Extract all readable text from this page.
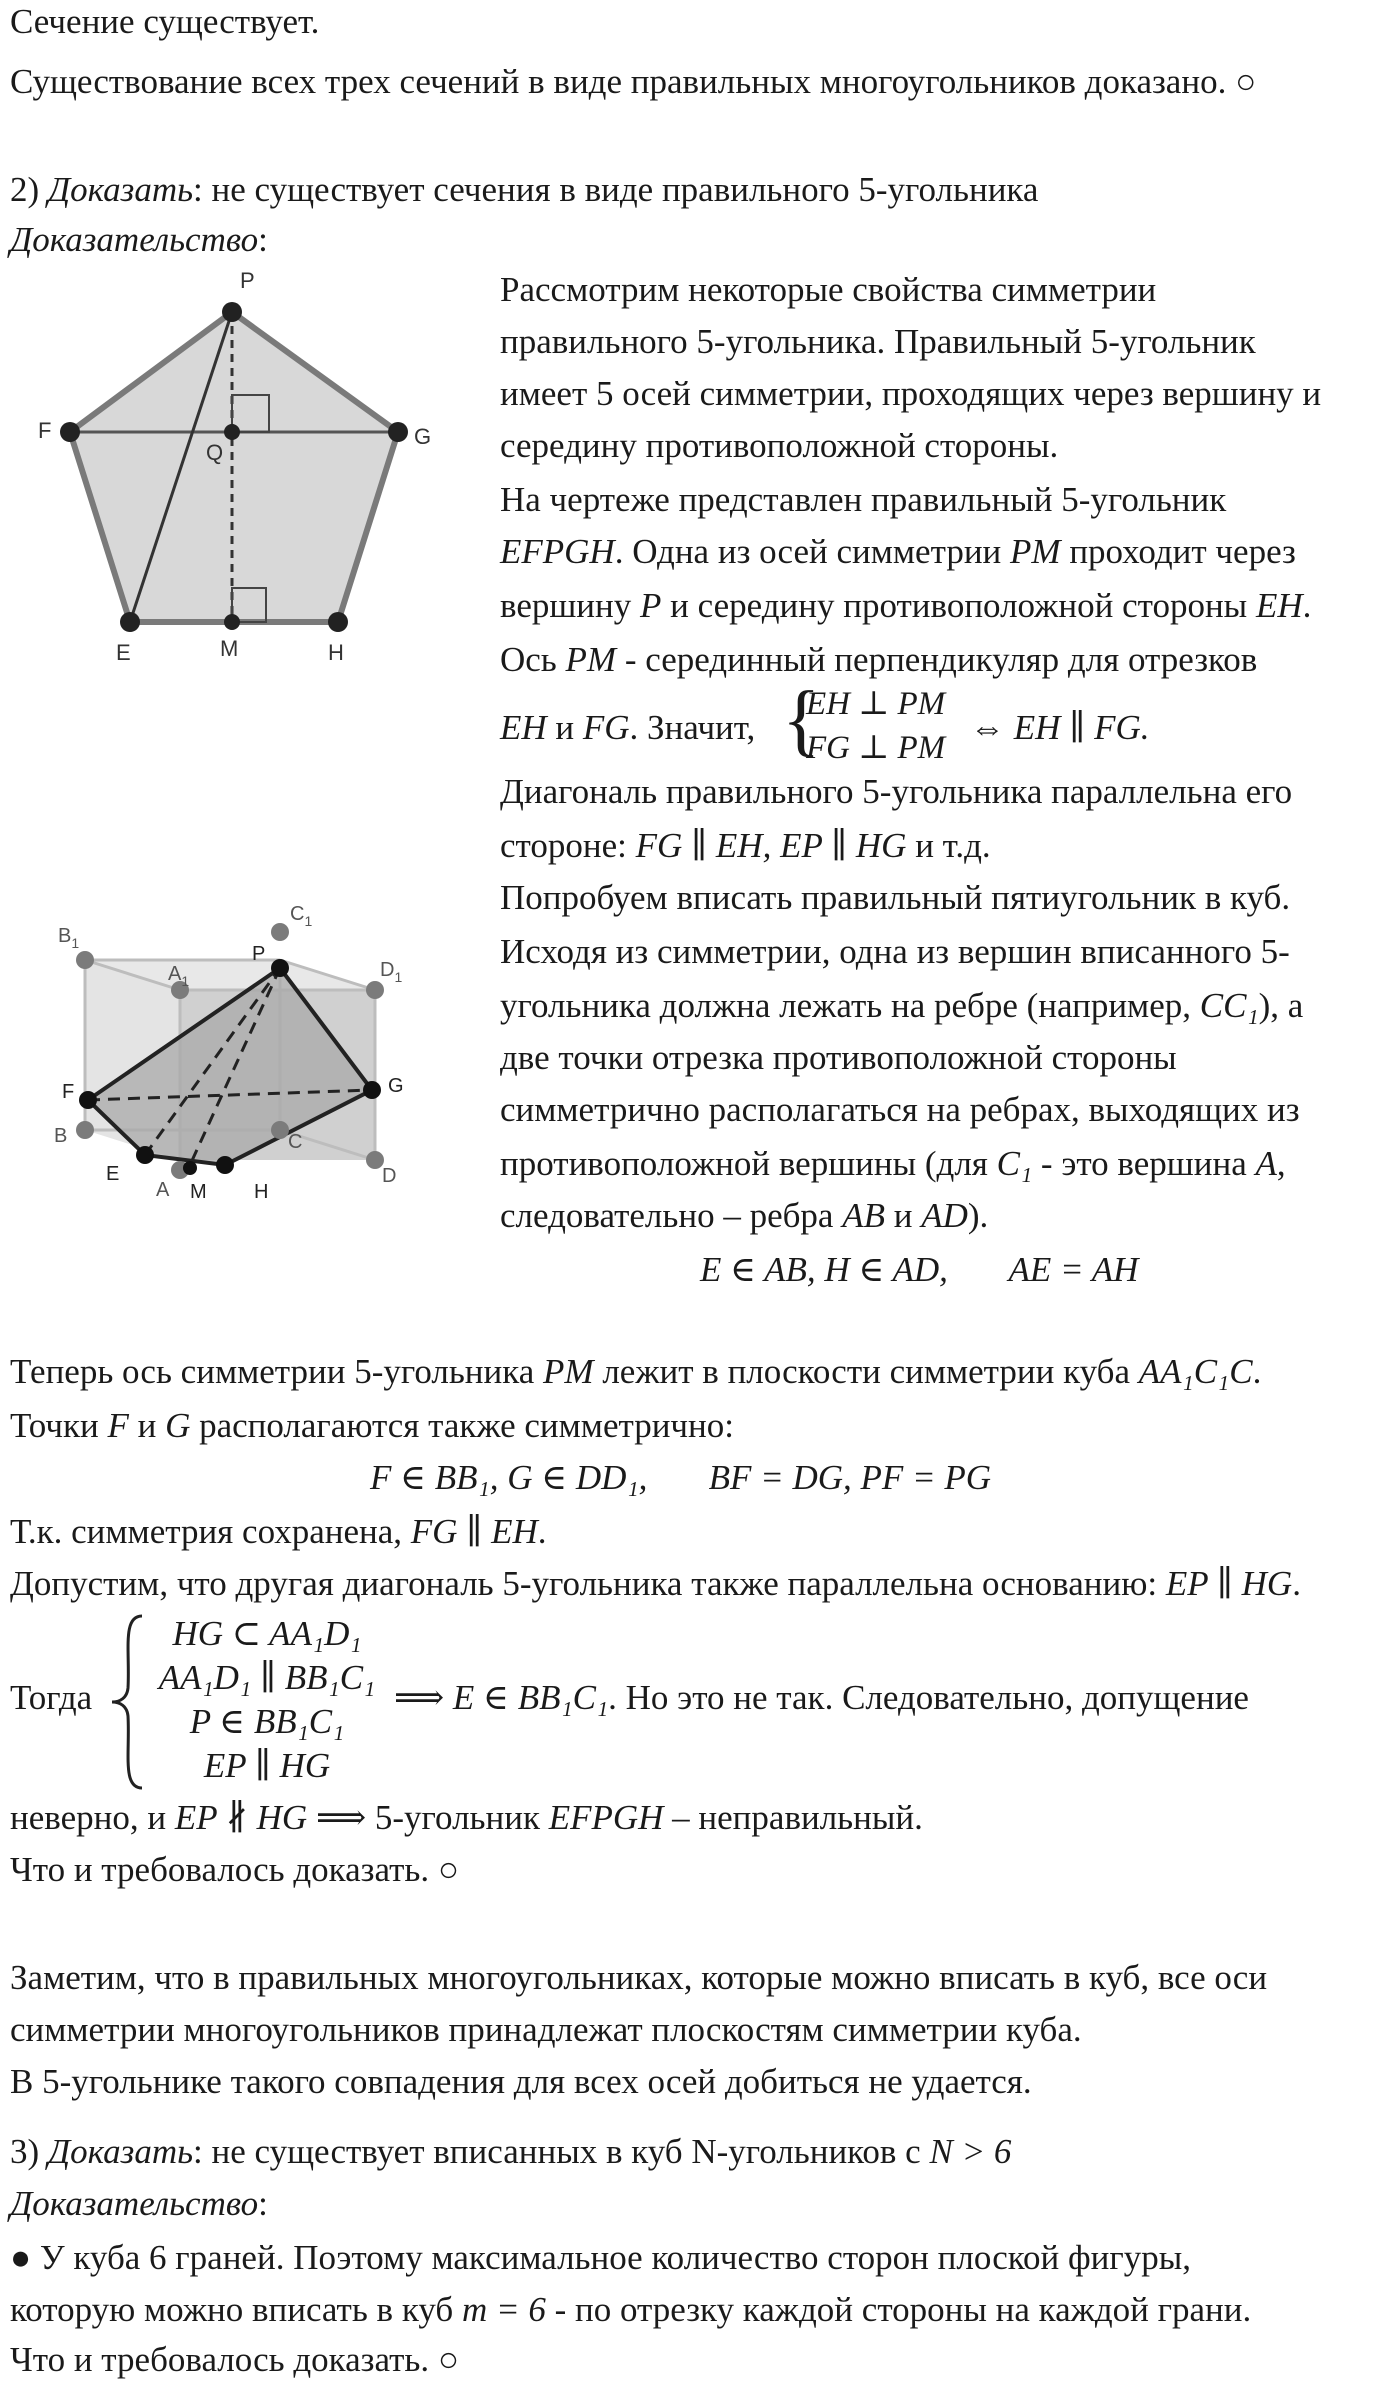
Сечение существует.
Существование всех трех сечений в виде правильных многоугольников доказано. ○
2) Доказать: не существует сечения в виде правильного 5-угольника
Доказательство:
P
F
Q
G
E	M	H
Рассмотрим некоторые свойства симметрии
правильного 5-угольника. Правильный 5-угольник
имеет 5 осей симметрии, проходящих через вершину и
середину противоположной стороны.
На чертеже представлен правильный 5-угольник
EFPGH. Одна из осей симметрии PM проходит через
вершину P и середину противоположной стороны EH.
Ось PM - серединный перпендикуляр для отрезков
EH и FG. Значит, {
EH ⊥ PM
FG ⊥ PM
⇔ EH ∥ FG.
Диагональ правильного 5-угольника параллельна его
стороне: FG ∥ EH, EP ∥ HG и т.д.
Попробуем вписать правильный пятиугольник в куб.
Исходя из симметрии, одна из вершин вписанного 5-
угольника должна лежать на ребре (например, CC₁), а
две точки отрезка противоположной стороны
симметрично располагаться на ребрах, выходящих из
противоположной вершины (для C₁ - это вершина A,
следовательно – ребра AB и AD).
E ∈ AB, H ∈ AD,       AE = AH
$B_1$
$C_1$
$A_1$	$D_1$
B	C
D
A
P
F	G
E
M H
Теперь ось симметрии 5-угольника PM лежит в плоскости симметрии куба AA₁C₁C.
Точки F и G располагаются также симметрично:
F ∈ BB₁, G ∈ DD₁,       BF = DG, PF = PG
Т.к. симметрия сохранена, FG ∥ EH.
Допустим, что другая диагональ 5-угольника также параллельна основанию: EP ∥ HG.
Тогда
HG ⊂ AA₁D₁
AA₁D₁ ∥ BB₁C₁
P ∈ BB₁C₁
EP ∥ HG
⟹ E ∈ BB₁C₁. Но это не так. Следовательно, допущение
неверно, и EP ∦ HG ⟹ 5-угольник EFPGH – неправильный.
Что и требовалось доказать. ○
Заметим, что в правильных многоугольниках, которые можно вписать в куб, все оси
симметрии многоугольников принадлежат плоскостям симметрии куба.
В 5-угольнике такого совпадения для всех осей добиться не удается.
3) Доказать: не существует вписанных в куб N-угольников с N > 6
Доказательство:
● У куба 6 граней. Поэтому максимальное количество сторон плоской фигуры,
которую можно вписать в куб m = 6 - по отрезку каждой стороны на каждой грани.
Что и требовалось доказать. ○
